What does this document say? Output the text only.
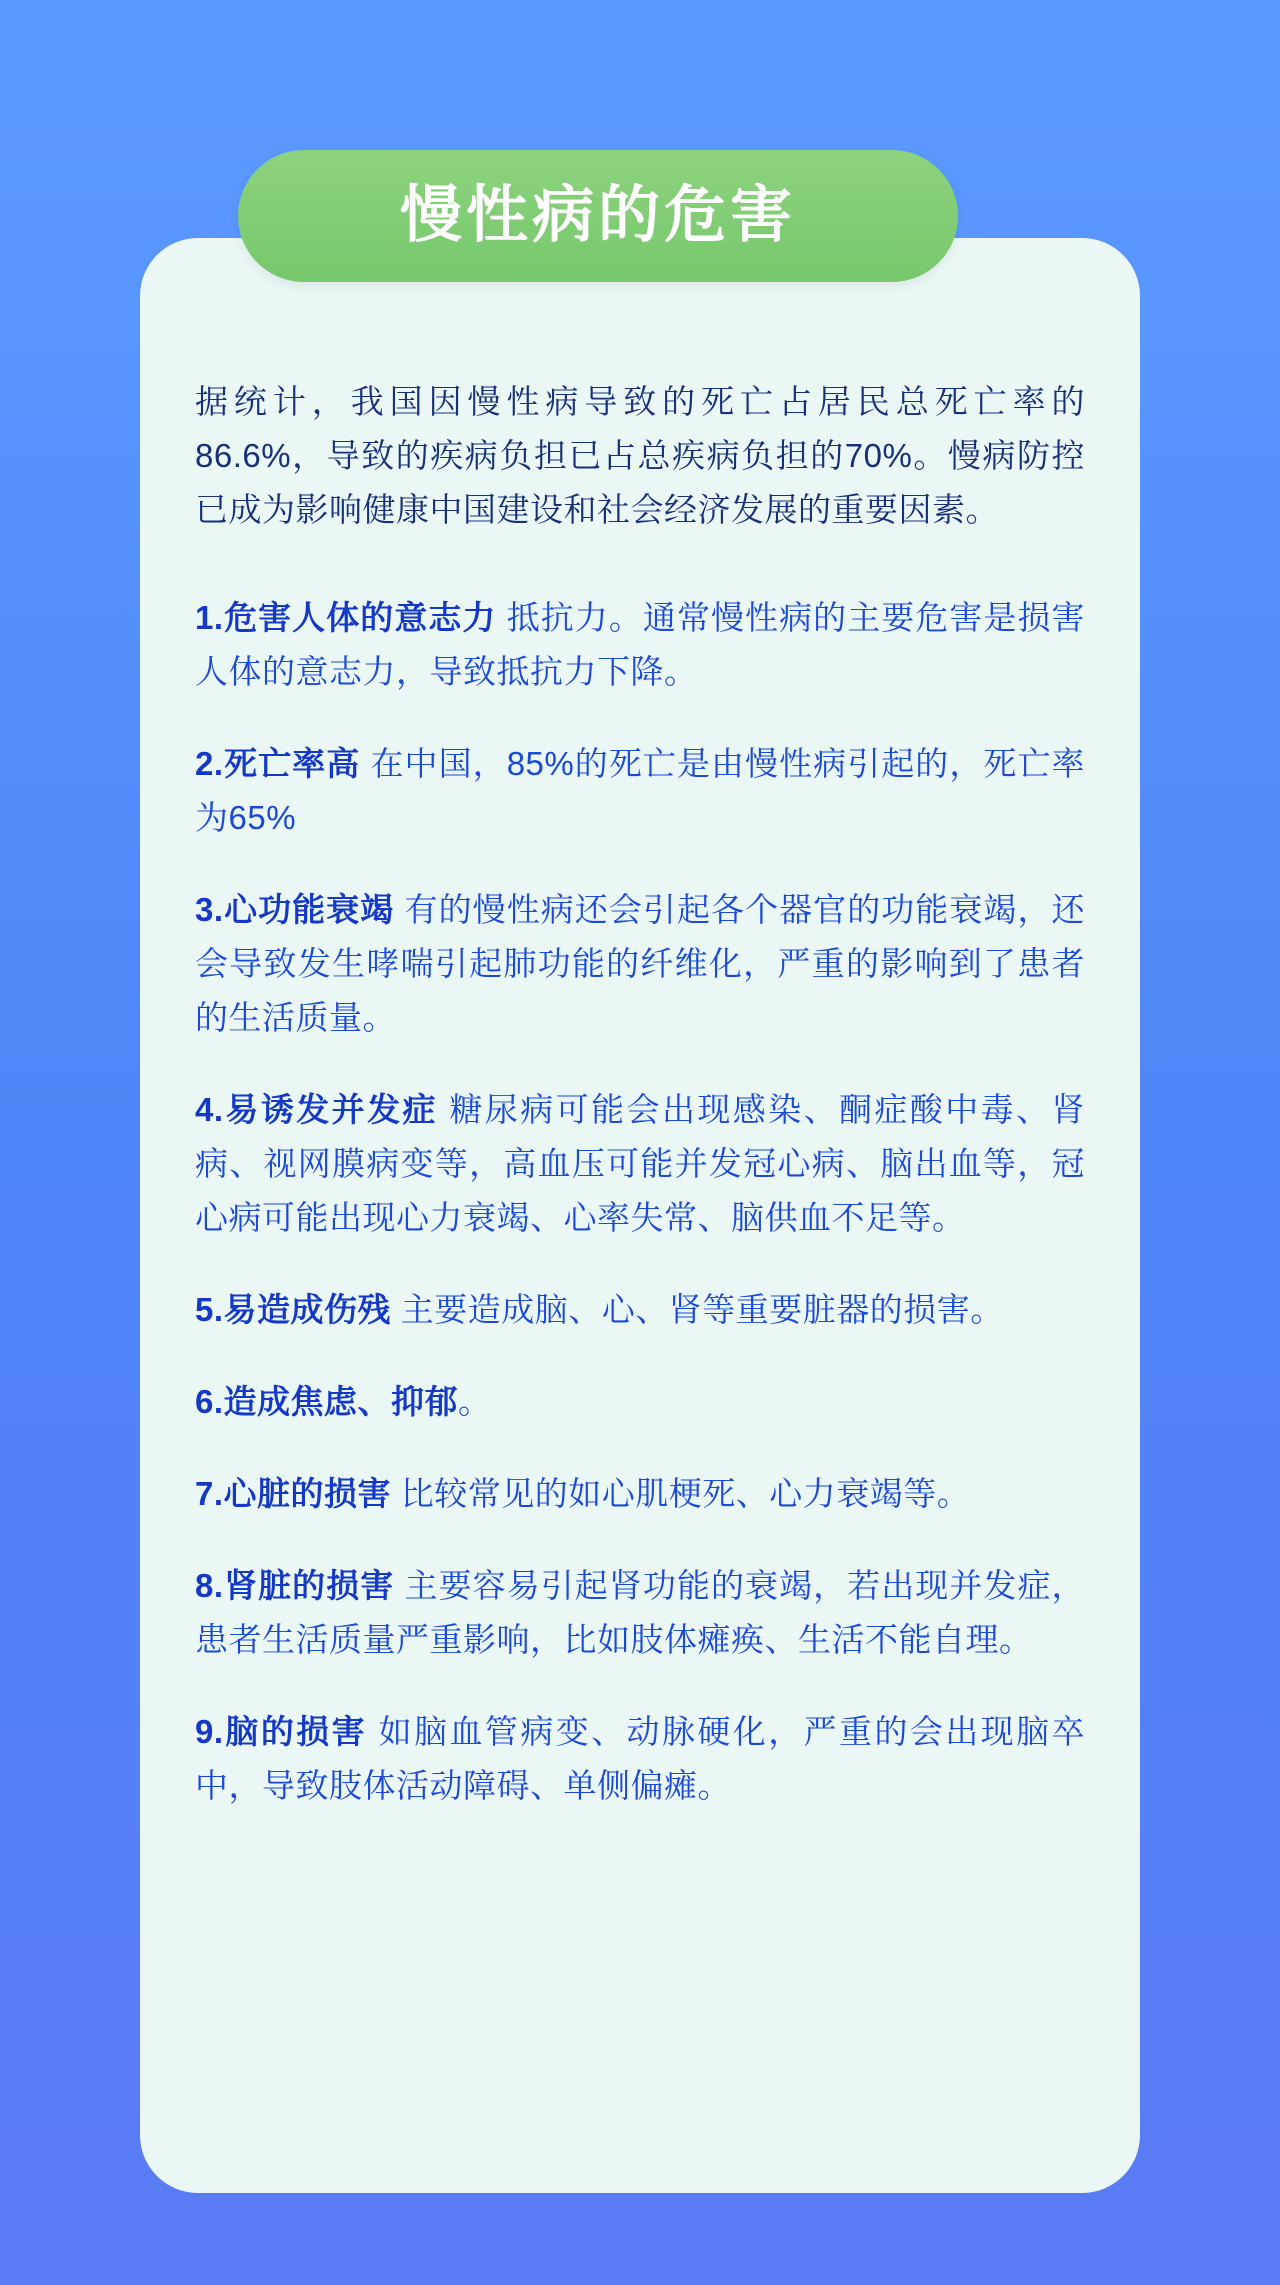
慢性病的危害

据统计，我国因慢性病导致的死亡占居民总死亡率的86.6%，导致的疾病负担已占总疾病负担的70%。慢病防控已成为影响健康中国建设和社会经济发展的重要因素。

1.危害人体的意志力 抵抗力。通常慢性病的主要危害是损害人体的意志力，导致抵抗力下降。

2.死亡率高 在中国，85%的死亡是由慢性病引起的，死亡率为65%

3.心功能衰竭 有的慢性病还会引起各个器官的功能衰竭，还会导致发生哮喘引起肺功能的纤维化，严重的影响到了患者的生活质量。

4.易诱发并发症 糖尿病可能会出现感染、酮症酸中毒、肾病、视网膜病变等，高血压可能并发冠心病、脑出血等，冠心病可能出现心力衰竭、心率失常、脑供血不足等。

5.易造成伤残 主要造成脑、心、肾等重要脏器的损害。

6.造成焦虑、抑郁。

7.心脏的损害 比较常见的如心肌梗死、心力衰竭等。

8.肾脏的损害 主要容易引起肾功能的衰竭，若出现并发症，患者生活质量严重影响，比如肢体瘫痪、生活不能自理。

9.脑的损害 如脑血管病变、动脉硬化，严重的会出现脑卒中，导致肢体活动障碍、单侧偏瘫。
